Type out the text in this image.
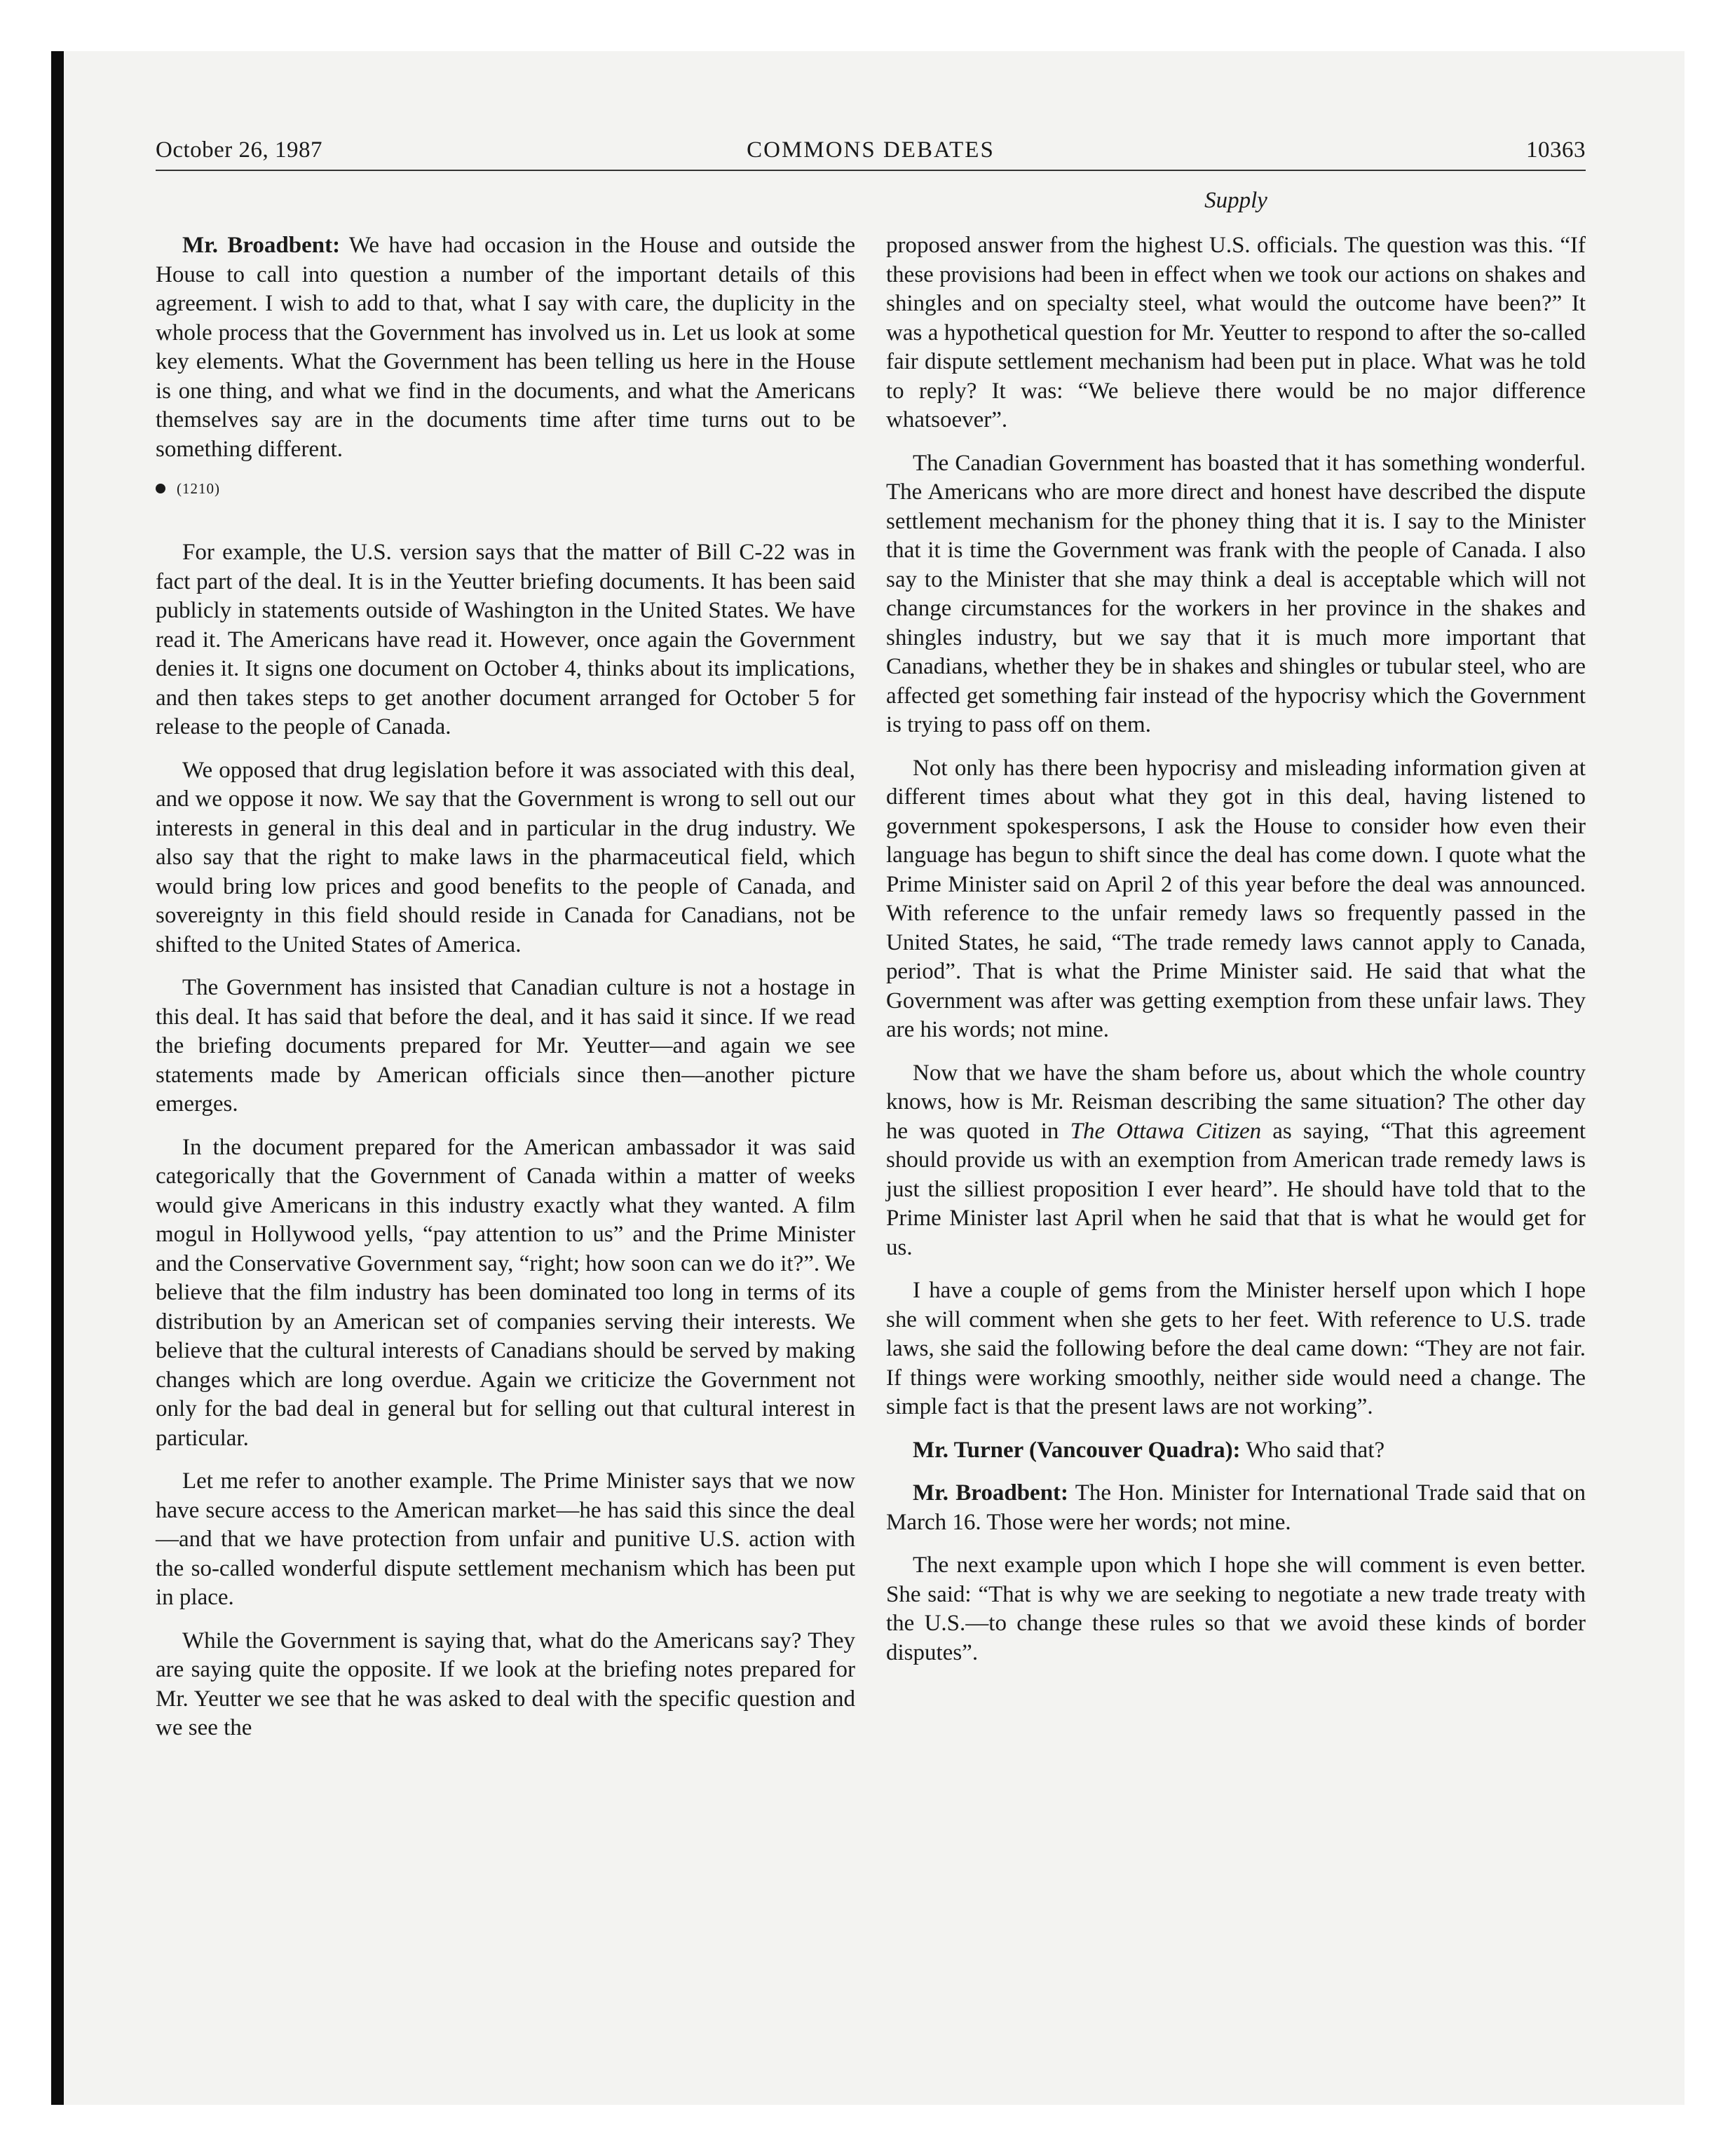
October 26, 1987	COMMONS DEBATES	10363
Supply

Mr. Broadbent: We have had occasion in the House and outside the House to call into question a number of the important details of this agreement. I wish to add to that, what I say with care, the duplicity in the whole process that the Government has involved us in. Let us look at some key elements. What the Government has been telling us here in the House is one thing, and what we find in the documents, and what the Americans themselves say are in the documents time after time turns out to be something different.

(1210)

For example, the U.S. version says that the matter of Bill C-22 was in fact part of the deal. It is in the Yeutter briefing documents. It has been said publicly in statements outside of Washington in the United States. We have read it. The Americans have read it. However, once again the Government denies it. It signs one document on October 4, thinks about its implications, and then takes steps to get another document arranged for October 5 for release to the people of Canada.

We opposed that drug legislation before it was associated with this deal, and we oppose it now. We say that the Government is wrong to sell out our interests in general in this deal and in particular in the drug industry. We also say that the right to make laws in the pharmaceutical field, which would bring low prices and good benefits to the people of Canada, and sovereignty in this field should reside in Canada for Canadians, not be shifted to the United States of America.

The Government has insisted that Canadian culture is not a hostage in this deal. It has said that before the deal, and it has said it since. If we read the briefing documents prepared for Mr. Yeutter—and again we see statements made by American officials since then—another picture emerges.

In the document prepared for the American ambassador it was said categorically that the Government of Canada within a matter of weeks would give Americans in this industry exactly what they wanted. A film mogul in Hollywood yells, “pay attention to us” and the Prime Minister and the Conservative Government say, “right; how soon can we do it?”. We believe that the film industry has been dominated too long in terms of its distribution by an American set of companies serving their interests. We believe that the cultural interests of Canadians should be served by making changes which are long overdue. Again we criticize the Government not only for the bad deal in general but for selling out that cultural interest in particular.

Let me refer to another example. The Prime Minister says that we now have secure access to the American market—he has said this since the deal—and that we have protection from unfair and punitive U.S. action with the so-called wonderful dispute settlement mechanism which has been put in place.

While the Government is saying that, what do the Americans say? They are saying quite the opposite. If we look at the briefing notes prepared for Mr. Yeutter we see that he was asked to deal with the specific question and we see the

proposed answer from the highest U.S. officials. The question was this. “If these provisions had been in effect when we took our actions on shakes and shingles and on specialty steel, what would the outcome have been?” It was a hypothetical question for Mr. Yeutter to respond to after the so-called fair dispute settlement mechanism had been put in place. What was he told to reply? It was: “We believe there would be no major difference whatsoever”.

The Canadian Government has boasted that it has something wonderful. The Americans who are more direct and honest have described the dispute settlement mechanism for the phoney thing that it is. I say to the Minister that it is time the Government was frank with the people of Canada. I also say to the Minister that she may think a deal is acceptable which will not change circumstances for the workers in her province in the shakes and shingles industry, but we say that it is much more important that Canadians, whether they be in shakes and shingles or tubular steel, who are affected get something fair instead of the hypocrisy which the Government is trying to pass off on them.

Not only has there been hypocrisy and misleading information given at different times about what they got in this deal, having listened to government spokespersons, I ask the House to consider how even their language has begun to shift since the deal has come down. I quote what the Prime Minister said on April 2 of this year before the deal was announced. With reference to the unfair remedy laws so frequently passed in the United States, he said, “The trade remedy laws cannot apply to Canada, period”. That is what the Prime Minister said. He said that what the Government was after was getting exemption from these unfair laws. They are his words; not mine.

Now that we have the sham before us, about which the whole country knows, how is Mr. Reisman describing the same situation? The other day he was quoted in The Ottawa Citizen as saying, “That this agreement should provide us with an exemption from American trade remedy laws is just the silliest proposition I ever heard”. He should have told that to the Prime Minister last April when he said that that is what he would get for us.

I have a couple of gems from the Minister herself upon which I hope she will comment when she gets to her feet. With reference to U.S. trade laws, she said the following before the deal came down: “They are not fair. If things were working smoothly, neither side would need a change. The simple fact is that the present laws are not working”.

Mr. Turner (Vancouver Quadra): Who said that?

Mr. Broadbent: The Hon. Minister for International Trade said that on March 16. Those were her words; not mine.

The next example upon which I hope she will comment is even better. She said: “That is why we are seeking to negotiate a new trade treaty with the U.S.—to change these rules so that we avoid these kinds of border disputes”.
